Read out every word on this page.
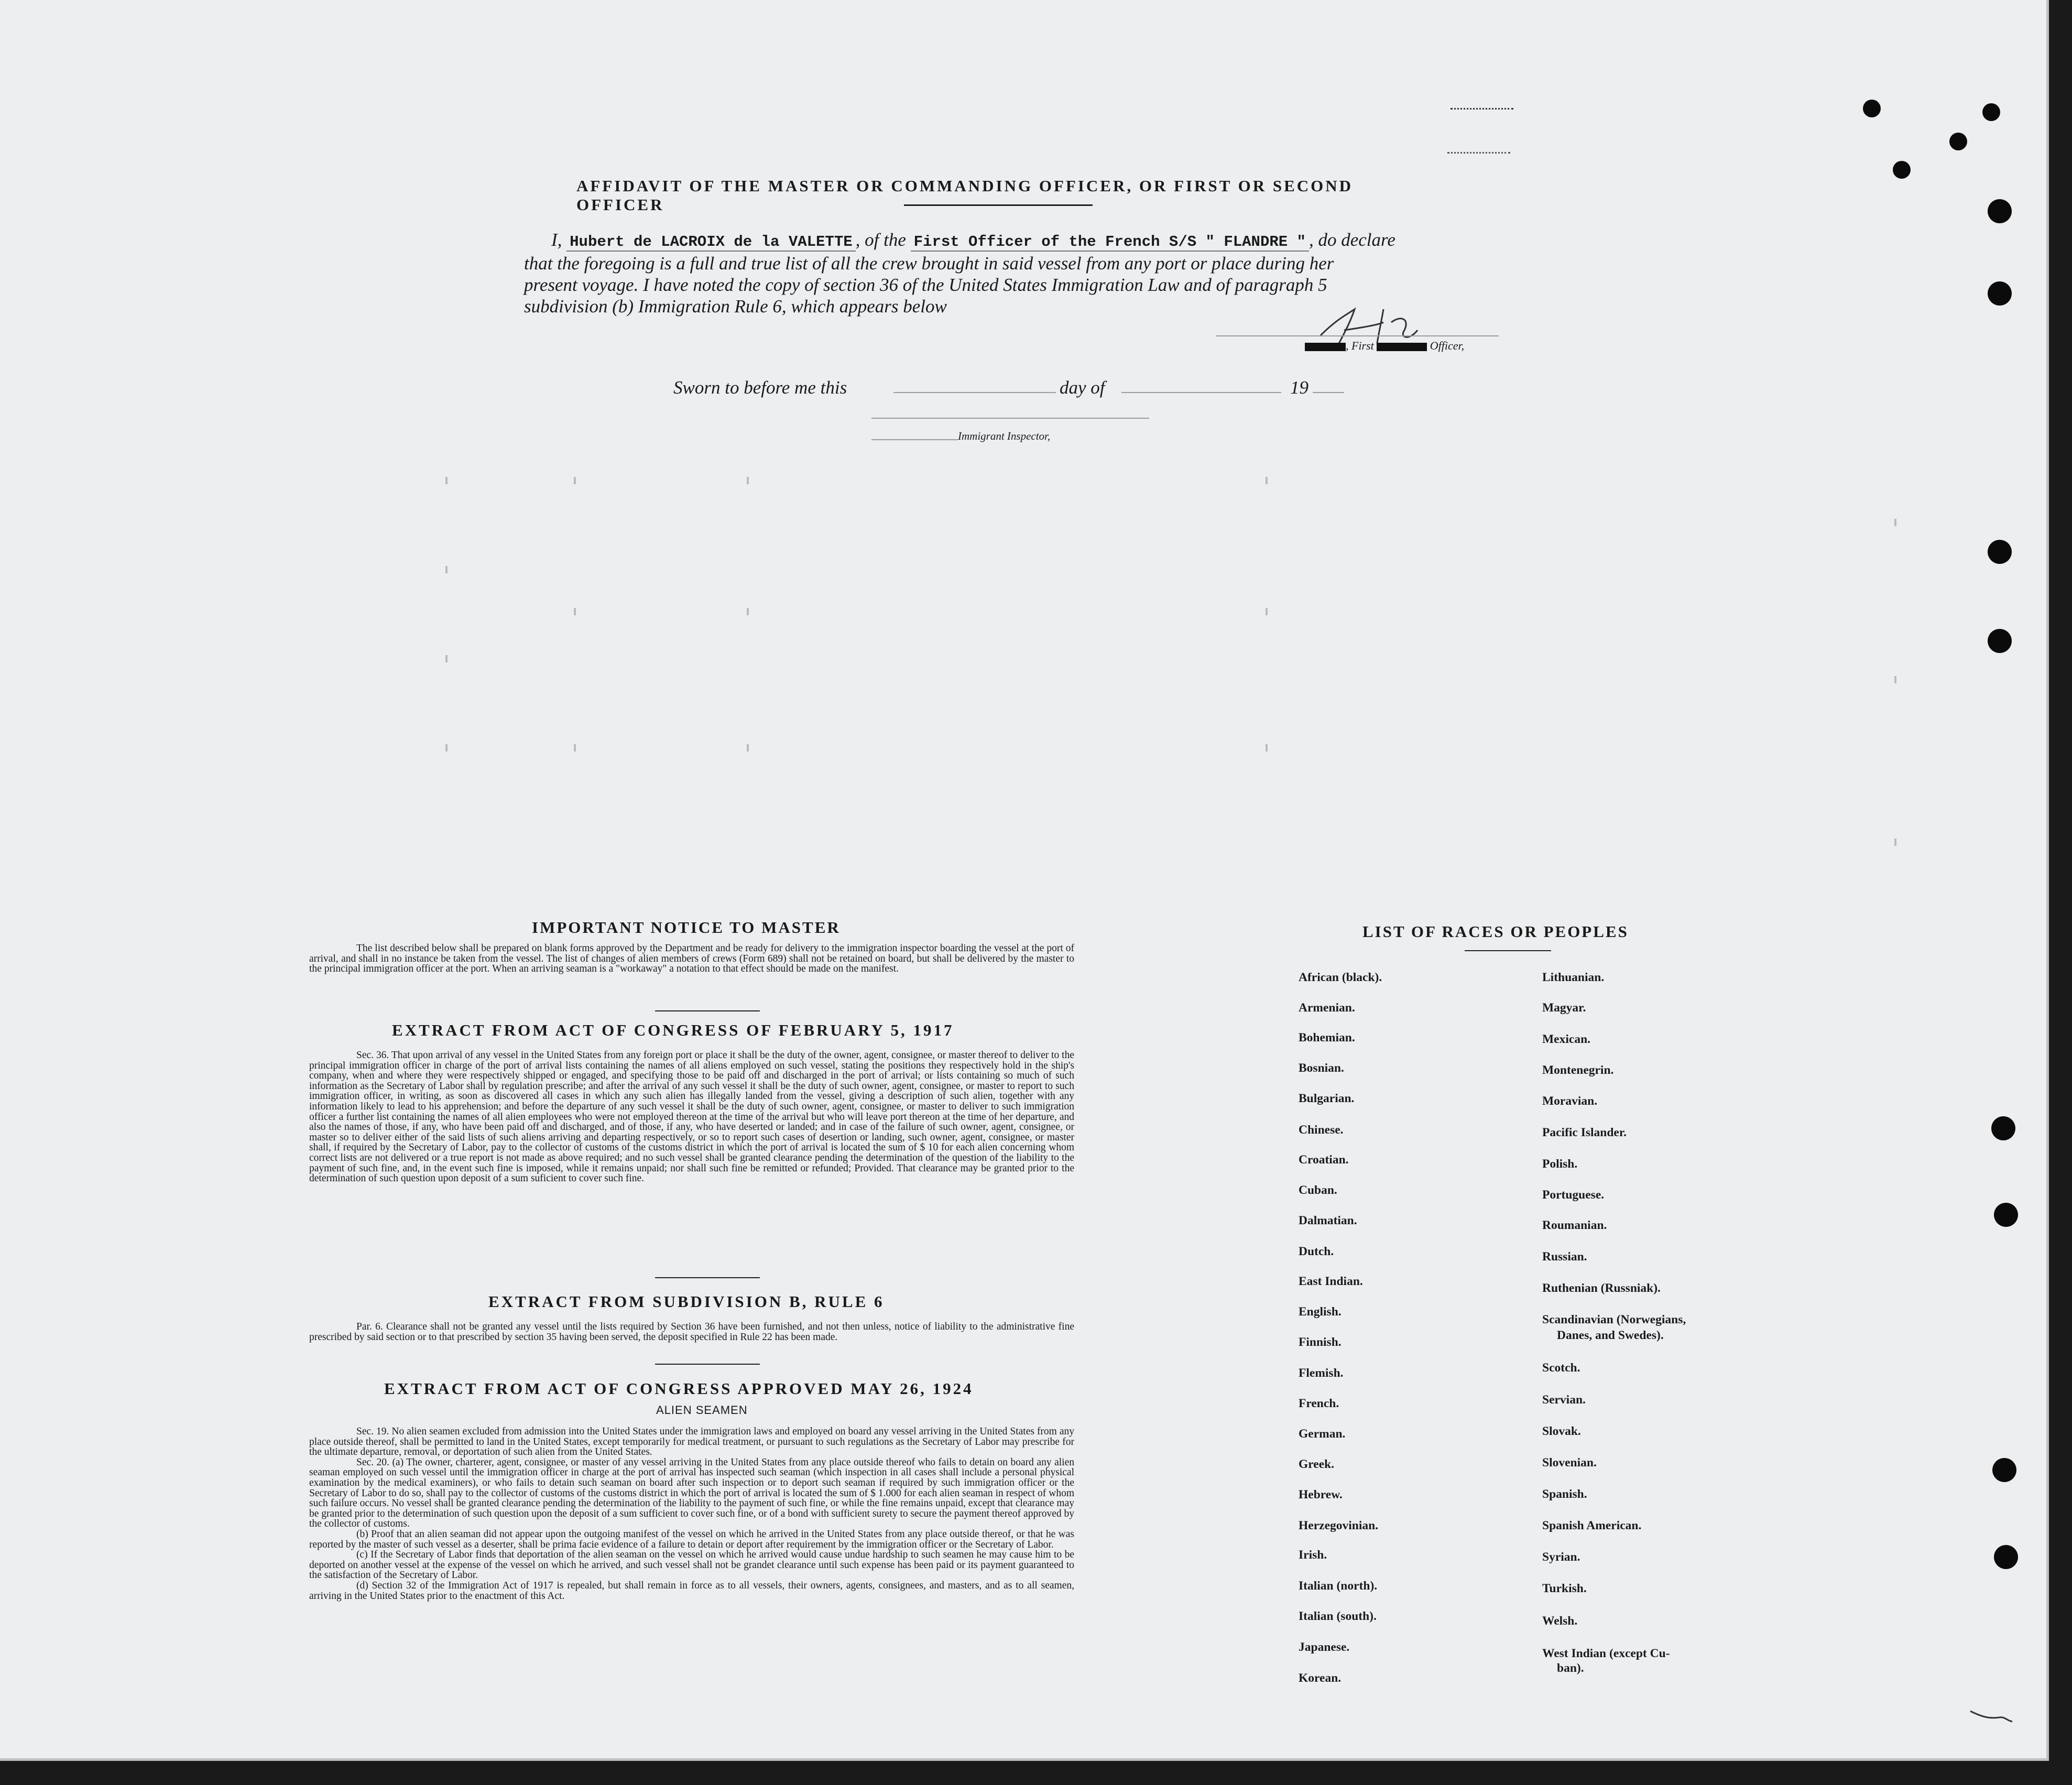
AFFIDAVIT OF THE MASTER OR COMMANDING OFFICER, OR FIRST OR SECOND OFFICER
I, Hubert de LACROIX de la VALETTE , of the First Officer of the French S/S " FLANDRE " , do declare
that the foregoing is a full and true list of all the crew brought in said vessel from any port or place during her
present voyage. I have noted the copy of section 36 of the United States Immigration Law and of paragraph 5
subdivision (b) Immigration Rule 6, which appears below
, First	Officer,
Sworn to before me this	day of	19
Immigrant Inspector,
IMPORTANT NOTICE TO MASTER

The list described below shall be prepared on blank forms approved by the Department and be ready for delivery to the immigration inspector boarding the vessel at the port of arrival, and shall in no instance be taken from the vessel. The list of changes of alien members of crews (Form 689) shall not be retained on board, but shall be delivered by the master to the principal immigration officer at the port. When an arriving seaman is a "workaway" a notation to that effect should be made on the manifest.

EXTRACT FROM ACT OF CONGRESS OF FEBRUARY 5, 1917

Sec. 36. That upon arrival of any vessel in the United States from any foreign port or place it shall be the duty of the owner, agent, consignee, or master thereof to deliver to the principal immigration officer in charge of the port of arrival lists containing the names of all aliens employed on such vessel, stating the positions they respectively hold in the ship's company, when and where they were respectively shipped or engaged, and specifying those to be paid off and discharged in the port of arrival; or lists containing so much of such information as the Secretary of Labor shall by regulation prescribe; and after the arrival of any such vessel it shall be the duty of such owner, agent, consignee, or master to report to such immigration officer, in writing, as soon as discovered all cases in which any such alien has illegally landed from the vessel, giving a description of such alien, together with any information likely to lead to his apprehension; and before the departure of any such vessel it shall be the duty of such owner, agent, consignee, or master to deliver to such immigration officer a further list containing the names of all alien employees who were not employed thereon at the time of the arrival but who will leave port thereon at the time of her departure, and also the names of those, if any, who have been paid off and discharged, and of those, if any, who have deserted or landed; and in case of the failure of such owner, agent, consignee, or master so to deliver either of the said lists of such aliens arriving and departing respectively, or so to report such cases of desertion or landing, such owner, agent, consignee, or master shall, if required by the Secretary of Labor, pay to the collector of customs of the customs district in which the port of arrival is located the sum of $ 10 for each alien concerning whom correct lists are not delivered or a true report is not made as above required; and no such vessel shall be granted clearance pending the determination of the question of the liability to the payment of such fine, and, in the event such fine is imposed, while it remains unpaid; nor shall such fine be remitted or refunded; Provided. That clearance may be granted prior to the determination of such question upon deposit of a sum suficient to cover such fine.

EXTRACT FROM SUBDIVISION B, RULE 6

Par. 6. Clearance shall not be granted any vessel until the lists required by Section 36 have been furnished, and not then unless, notice of liability to the administrative fine prescribed by said section or to that prescribed by section 35 having been served, the deposit specified in Rule 22 has been made.

EXTRACT FROM ACT OF CONGRESS APPROVED MAY 26, 1924
ALIEN SEAMEN

Sec. 19. No alien seamen excluded from admission into the United States under the immigration laws and employed on board any vessel arriving in the United States from any place outside thereof, shall be permitted to land in the United States, except temporarily for medical treatment, or pursuant to such regulations as the Secretary of Labor may prescribe for the ultimate departure, removal, or deportation of such alien from the United States.

Sec. 20. (a) The owner, charterer, agent, consignee, or master of any vessel arriving in the United States from any place outside thereof who fails to detain on board any alien seaman employed on such vessel until the immigration officer in charge at the port of arrival has inspected such seaman (which inspection in all cases shall include a personal physical examination by the medical examiners), or who fails to detain such seaman on board after such inspection or to deport such seaman if required by such immigration officer or the Secretary of Labor to do so, shall pay to the collector of customs of the customs district in which the port of arrival is located the sum of $ 1.000 for each alien seaman in respect of whom such failure occurs. No vessel shall be granted clearance pending the determination of the liability to the payment of such fine, or while the fine remains unpaid, except that clearance may be granted prior to the determination of such question upon the deposit of a sum sufficient to cover such fine, or of a bond with sufficient surety to secure the payment thereof approved by the collector of customs.

(b) Proof that an alien seaman did not appear upon the outgoing manifest of the vessel on which he arrived in the United States from any place outside thereof, or that he was reported by the master of such vessel as a deserter, shall be prima facie evidence of a failure to detain or deport after requirement by the immigration officer or the Secretary of Labor.

(c) If the Secretary of Labor finds that deportation of the alien seaman on the vessel on which he arrived would cause undue hardship to such seamen he may cause him to be deported on another vessel at the expense of the vessel on which he arrived, and such vessel shall not be grandet clearance until such expense has been paid or its payment guaranteed to the satisfaction of the Secretary of Labor.

(d) Section 32 of the Immigration Act of 1917 is repealed, but shall remain in force as to all vessels, their owners, agents, consignees, and masters, and as to all seamen, arriving in the United States prior to the enactment of this Act.

LIST OF RACES OR PEOPLES
African (black).
Armenian.
Bohemian.
Bosnian.
Bulgarian.
Chinese.
Croatian.
Cuban.
Dalmatian.
Dutch.
East Indian.
English.
Finnish.
Flemish.
French.
German.
Greek.
Hebrew.
Herzegovinian.
Irish.
Italian (north).
Italian (south).
Japanese.
Korean.
Lithuanian.
Magyar.
Mexican.
Montenegrin.
Moravian.
Pacific Islander.
Polish.
Portuguese.
Roumanian.
Russian.
Ruthenian (Russniak).
Scandinavian (Norwegians,
Danes, and Swedes).
Scotch.
Servian.
Slovak.
Slovenian.
Spanish.
Spanish American.
Syrian.
Turkish.
Welsh.
West Indian (except Cu-
ban).
